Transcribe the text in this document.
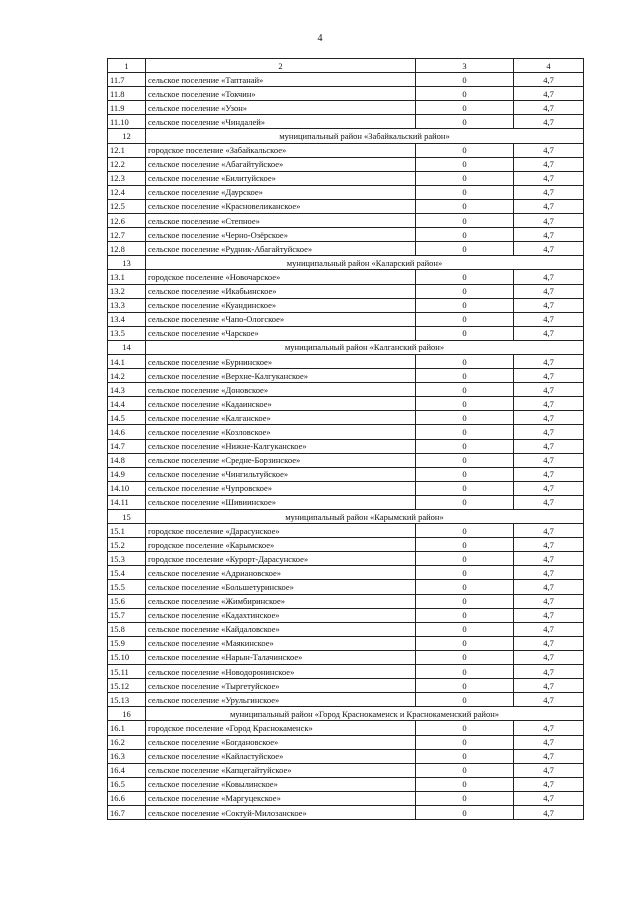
4
1	2	3	4
11.7	сельское поселение «Таптанай»	0	4,7
11.8	сельское поселение «Токчин»	0	4,7
11.9	сельское поселение «Узон»	0	4,7
11.10	сельское поселение «Чиндалей»	0	4,7
12	муниципальный район «Забайкальский район»		
12.1	городское поселение «Забайкальское»	0	4,7
12.2	сельское поселение «Абагайтуйское»	0	4,7
12.3	сельское поселение «Билитуйское»	0	4,7
12.4	сельское поселение «Даурское»	0	4,7
12.5	сельское поселение «Красновеликанское»	0	4,7
12.6	сельское поселение «Степное»	0	4,7
12.7	сельское поселение «Черно-Озёрское»	0	4,7
12.8	сельское поселение «Рудник-Абагайтуйское»	0	4,7
13	муниципальный район «Каларский район»		
13.1	городское поселение «Новочарское»	0	4,7
13.2	сельское поселение «Икабьинское»	0	4,7
13.3	сельское поселение «Куандинское»	0	4,7
13.4	сельское поселение «Чапо-Ологское»	0	4,7
13.5	сельское поселение «Чарское»	0	4,7
14	муниципальный район «Калганский район»		
14.1	сельское поселение «Бурнинское»	0	4,7
14.2	сельское поселение «Верхне-Калгуканское»	0	4,7
14.3	сельское поселение «Доновское»	0	4,7
14.4	сельское поселение «Кадаинское»	0	4,7
14.5	сельское поселение «Калганское»	0	4,7
14.6	сельское поселение «Козловское»	0	4,7
14.7	сельское поселение «Нижне-Калгуканское»	0	4,7
14.8	сельское поселение «Средне-Борзинское»	0	4,7
14.9	сельское поселение «Чингильтуйское»	0	4,7
14.10	сельское поселение «Чупровское»	0	4,7
14.11	сельское поселение «Шивиинское»	0	4,7
15	муниципальный район «Карымский район»		
15.1	городское поселение «Дарасунское»	0	4,7
15.2	городское поселение «Карымское»	0	4,7
15.3	городское поселение «Курорт-Дарасунское»	0	4,7
15.4	сельское поселение «Адриановское»	0	4,7
15.5	сельское поселение «Большетуринское»	0	4,7
15.6	сельское поселение «Жимбиринское»	0	4,7
15.7	сельское поселение «Кадахтинское»	0	4,7
15.8	сельское поселение «Кайдаловское»	0	4,7
15.9	сельское поселение «Маякинское»	0	4,7
15.10	сельское поселение «Нарын-Талачинское»	0	4,7
15.11	сельское поселение «Новодоронинское»	0	4,7
15.12	сельское поселение «Тыргетуйское»	0	4,7
15.13	сельское поселение «Урульгинское»	0	4,7
16	муниципальный район «Город Краснокаменск и Краснокаменский район»		
16.1	городское поселение «Город Краснокаменск»	0	4,7
16.2	сельское поселение «Богдановское»	0	4,7
16.3	сельское поселение «Кайластуйское»	0	4,7
16.4	сельское поселение «Капцегайтуйское»	0	4,7
16.5	сельское поселение «Ковылинское»	0	4,7
16.6	сельское поселение «Маргуцекское»	0	4,7
16.7	сельское поселение «Соктуй-Милозанское»	0	4,7
